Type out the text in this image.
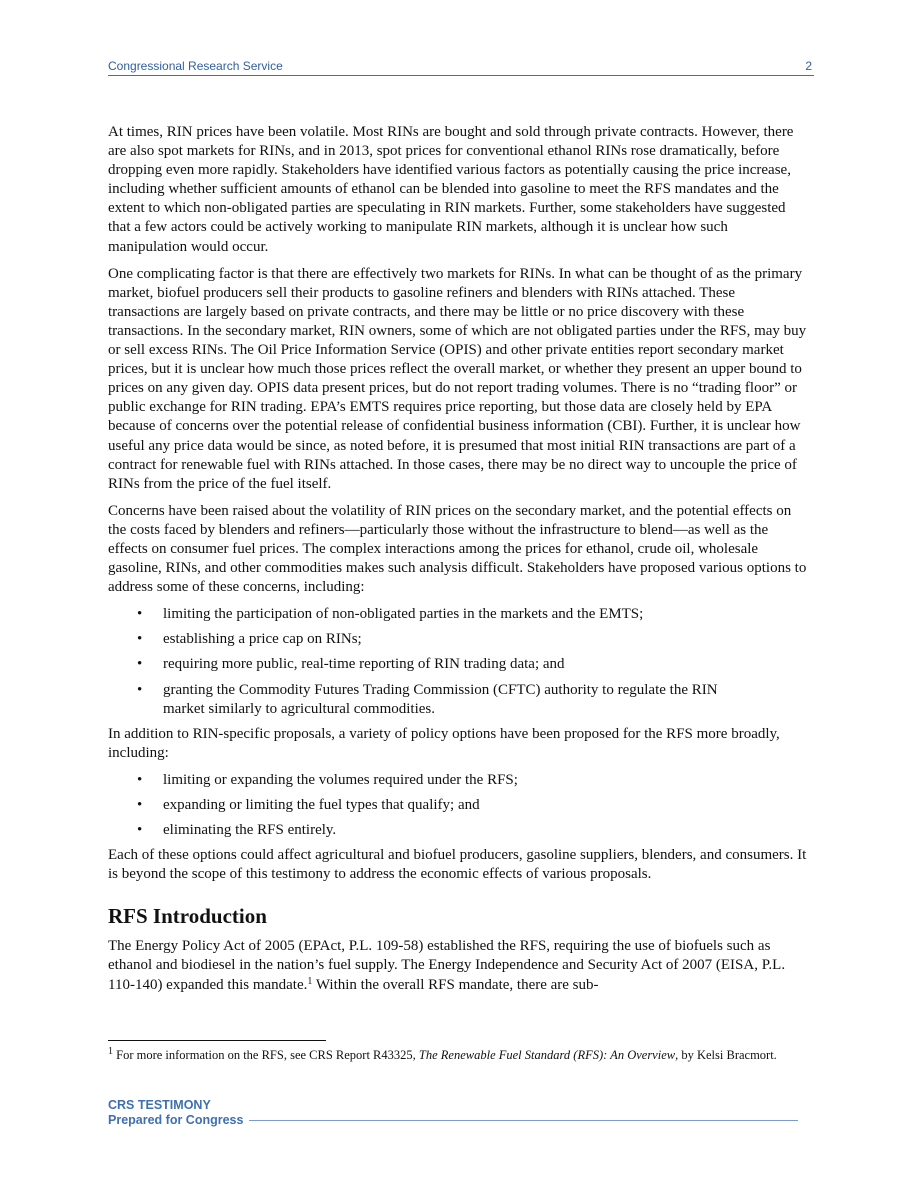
Congressional Research Service	2

At times, RIN prices have been volatile. Most RINs are bought and sold through private contracts. However, there are also spot markets for RINs, and in 2013, spot prices for conventional ethanol RINs rose dramatically, before dropping even more rapidly. Stakeholders have identified various factors as potentially causing the price increase, including whether sufficient amounts of ethanol can be blended into gasoline to meet the RFS mandates and the extent to which non-obligated parties are speculating in RIN markets. Further, some stakeholders have suggested that a few actors could be actively working to manipulate RIN markets, although it is unclear how such manipulation would occur.

One complicating factor is that there are effectively two markets for RINs. In what can be thought of as the primary market, biofuel producers sell their products to gasoline refiners and blenders with RINs attached. These transactions are largely based on private contracts, and there may be little or no price discovery with these transactions. In the secondary market, RIN owners, some of which are not obligated parties under the RFS, may buy or sell excess RINs. The Oil Price Information Service (OPIS) and other private entities report secondary market prices, but it is unclear how much those prices reflect the overall market, or whether they present an upper bound to prices on any given day. OPIS data present prices, but do not report trading volumes. There is no “trading floor” or public exchange for RIN trading. EPA’s EMTS requires price reporting, but those data are closely held by EPA because of concerns over the potential release of confidential business information (CBI). Further, it is unclear how useful any price data would be since, as noted before, it is presumed that most initial RIN transactions are part of a contract for renewable fuel with RINs attached. In those cases, there may be no direct way to uncouple the price of RINs from the price of the fuel itself.

Concerns have been raised about the volatility of RIN prices on the secondary market, and the potential effects on the costs faced by blenders and refiners—particularly those without the infrastructure to blend—as well as the effects on consumer fuel prices. The complex interactions among the prices for ethanol, crude oil, wholesale gasoline, RINs, and other commodities makes such analysis difficult. Stakeholders have proposed various options to address some of these concerns, including:

• limiting the participation of non-obligated parties in the markets and the EMTS;
• establishing a price cap on RINs;
• requiring more public, real-time reporting of RIN trading data; and
• granting the Commodity Futures Trading Commission (CFTC) authority to regulate the RIN market similarly to agricultural commodities.

In addition to RIN-specific proposals, a variety of policy options have been proposed for the RFS more broadly, including:

• limiting or expanding the volumes required under the RFS;
• expanding or limiting the fuel types that qualify; and
• eliminating the RFS entirely.

Each of these options could affect agricultural and biofuel producers, gasoline suppliers, blenders, and consumers. It is beyond the scope of this testimony to address the economic effects of various proposals.

RFS Introduction

The Energy Policy Act of 2005 (EPAct, P.L. 109-58) established the RFS, requiring the use of biofuels such as ethanol and biodiesel in the nation’s fuel supply. The Energy Independence and Security Act of 2007 (EISA, P.L. 110-140) expanded this mandate.$^1$ Within the overall RFS mandate, there are sub-

$^1$ For more information on the RFS, see CRS Report R43325, The Renewable Fuel Standard (RFS): An Overview, by Kelsi Bracmort.
CRS TESTIMONY
Prepared for Congress
